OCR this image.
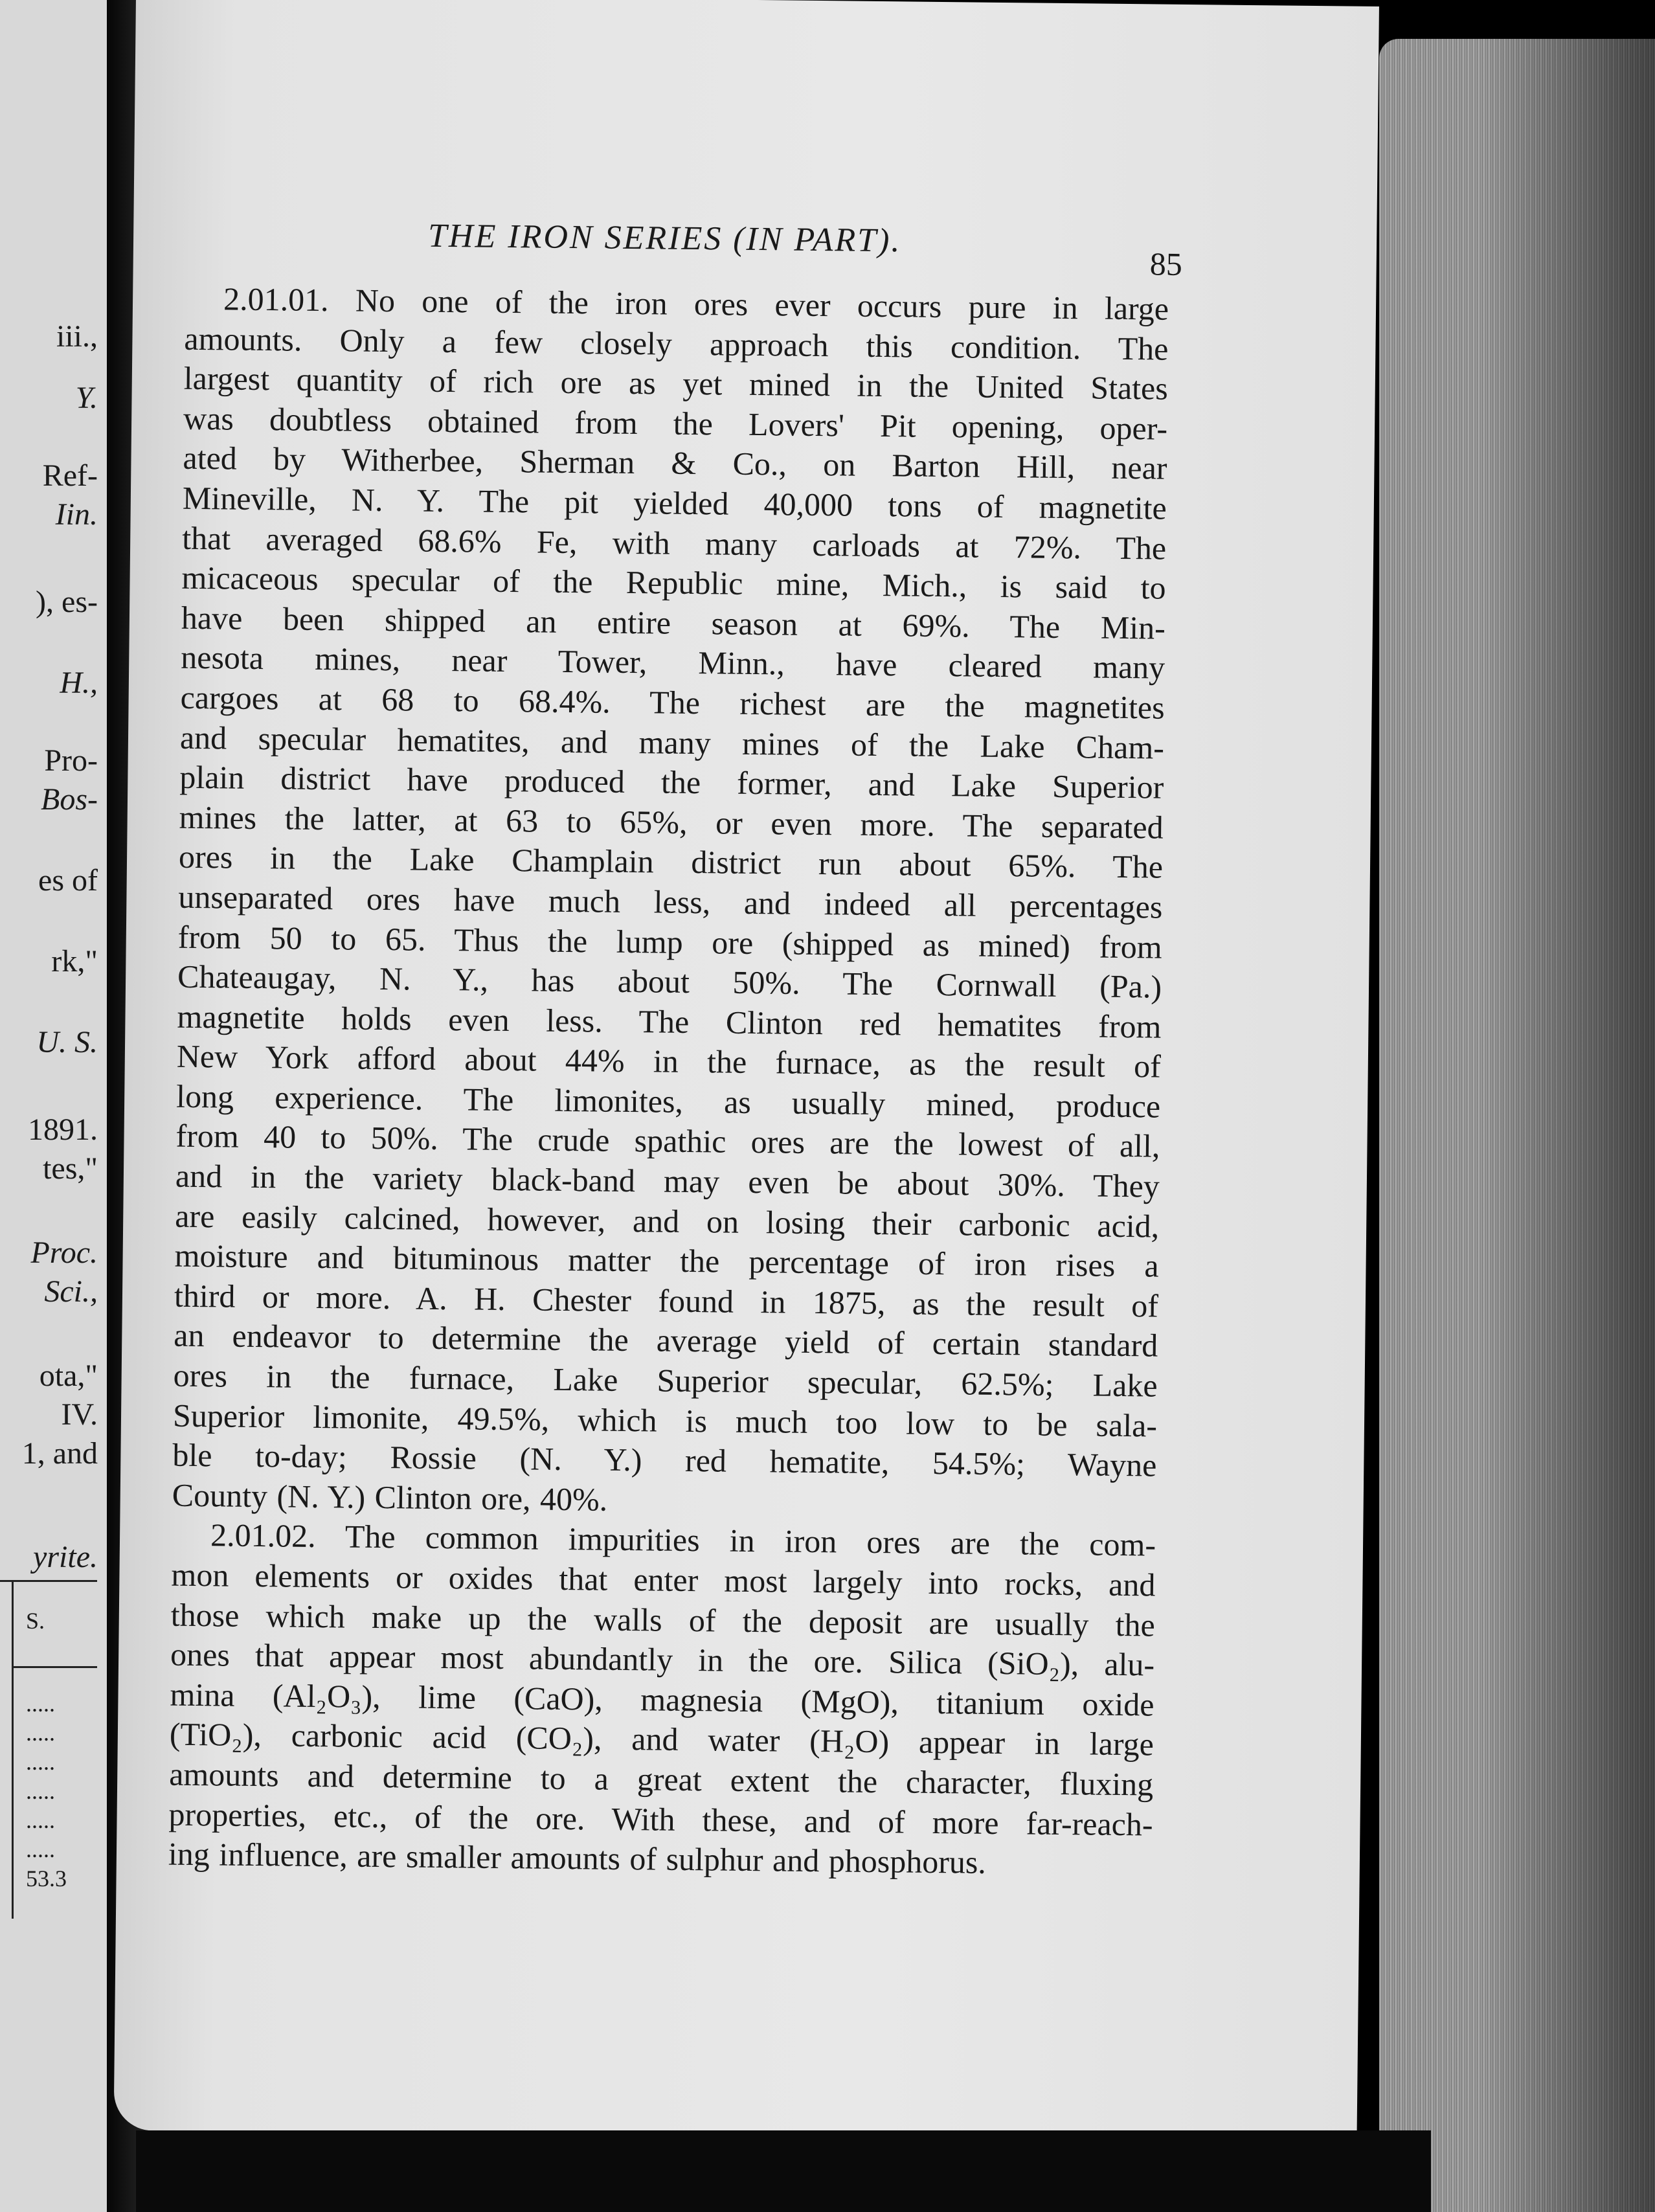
iii.,
Y.
Ref-
Iin.
), es-
H.,
Pro-
Bos-
es of
rk,"
U. S.
1891.
tes,"
Proc.
Sci.,
ota,"
IV.
1, and
yrite.
S.
.....
.....
.....
.....
.....
.....
53.3
THE IRON SERIES (IN PART).
85
2.01.01. No one of the iron ores ever occurs pure in large
amounts. Only a few closely approach this condition. The
largest quantity of rich ore as yet mined in the United States
was doubtless obtained from the Lovers' Pit opening, oper-
ated by Witherbee, Sherman & Co., on Barton Hill, near
Mineville, N. Y. The pit yielded 40,000 tons of magnetite
that averaged 68.6% Fe, with many carloads at 72%. The
micaceous specular of the Republic mine, Mich., is said to
have been shipped an entire season at 69%. The Min-
nesota mines, near Tower, Minn., have cleared many
cargoes at 68 to 68.4%. The richest are the magnetites
and specular hematites, and many mines of the Lake Cham-
plain district have produced the former, and Lake Superior
mines the latter, at 63 to 65%, or even more. The separated
ores in the Lake Champlain district run about 65%. The
unseparated ores have much less, and indeed all percentages
from 50 to 65. Thus the lump ore (shipped as mined) from
Chateaugay, N. Y., has about 50%. The Cornwall (Pa.)
magnetite holds even less. The Clinton red hematites from
New York afford about 44% in the furnace, as the result of
long experience. The limonites, as usually mined, produce
from 40 to 50%. The crude spathic ores are the lowest of all,
and in the variety black-band may even be about 30%. They
are easily calcined, however, and on losing their carbonic acid,
moisture and bituminous matter the percentage of iron rises a
third or more. A. H. Chester found in 1875, as the result of
an endeavor to determine the average yield of certain standard
ores in the furnace, Lake Superior specular, 62.5%; Lake
Superior limonite, 49.5%, which is much too low to be sala-
ble to-day; Rossie (N. Y.) red hematite, 54.5%; Wayne
County (N. Y.) Clinton ore, 40%.
2.01.02. The common impurities in iron ores are the com-
mon elements or oxides that enter most largely into rocks, and
those which make up the walls of the deposit are usually the
ones that appear most abundantly in the ore. Silica (SiO₂), alu-
mina (Al₂O₃), lime (CaO), magnesia (MgO), titanium oxide
(TiO₂), carbonic acid (CO₂), and water (H₂O) appear in large
amounts and determine to a great extent the character, fluxing
properties, etc., of the ore. With these, and of more far-reach-
ing influence, are smaller amounts of sulphur and phosphorus.
